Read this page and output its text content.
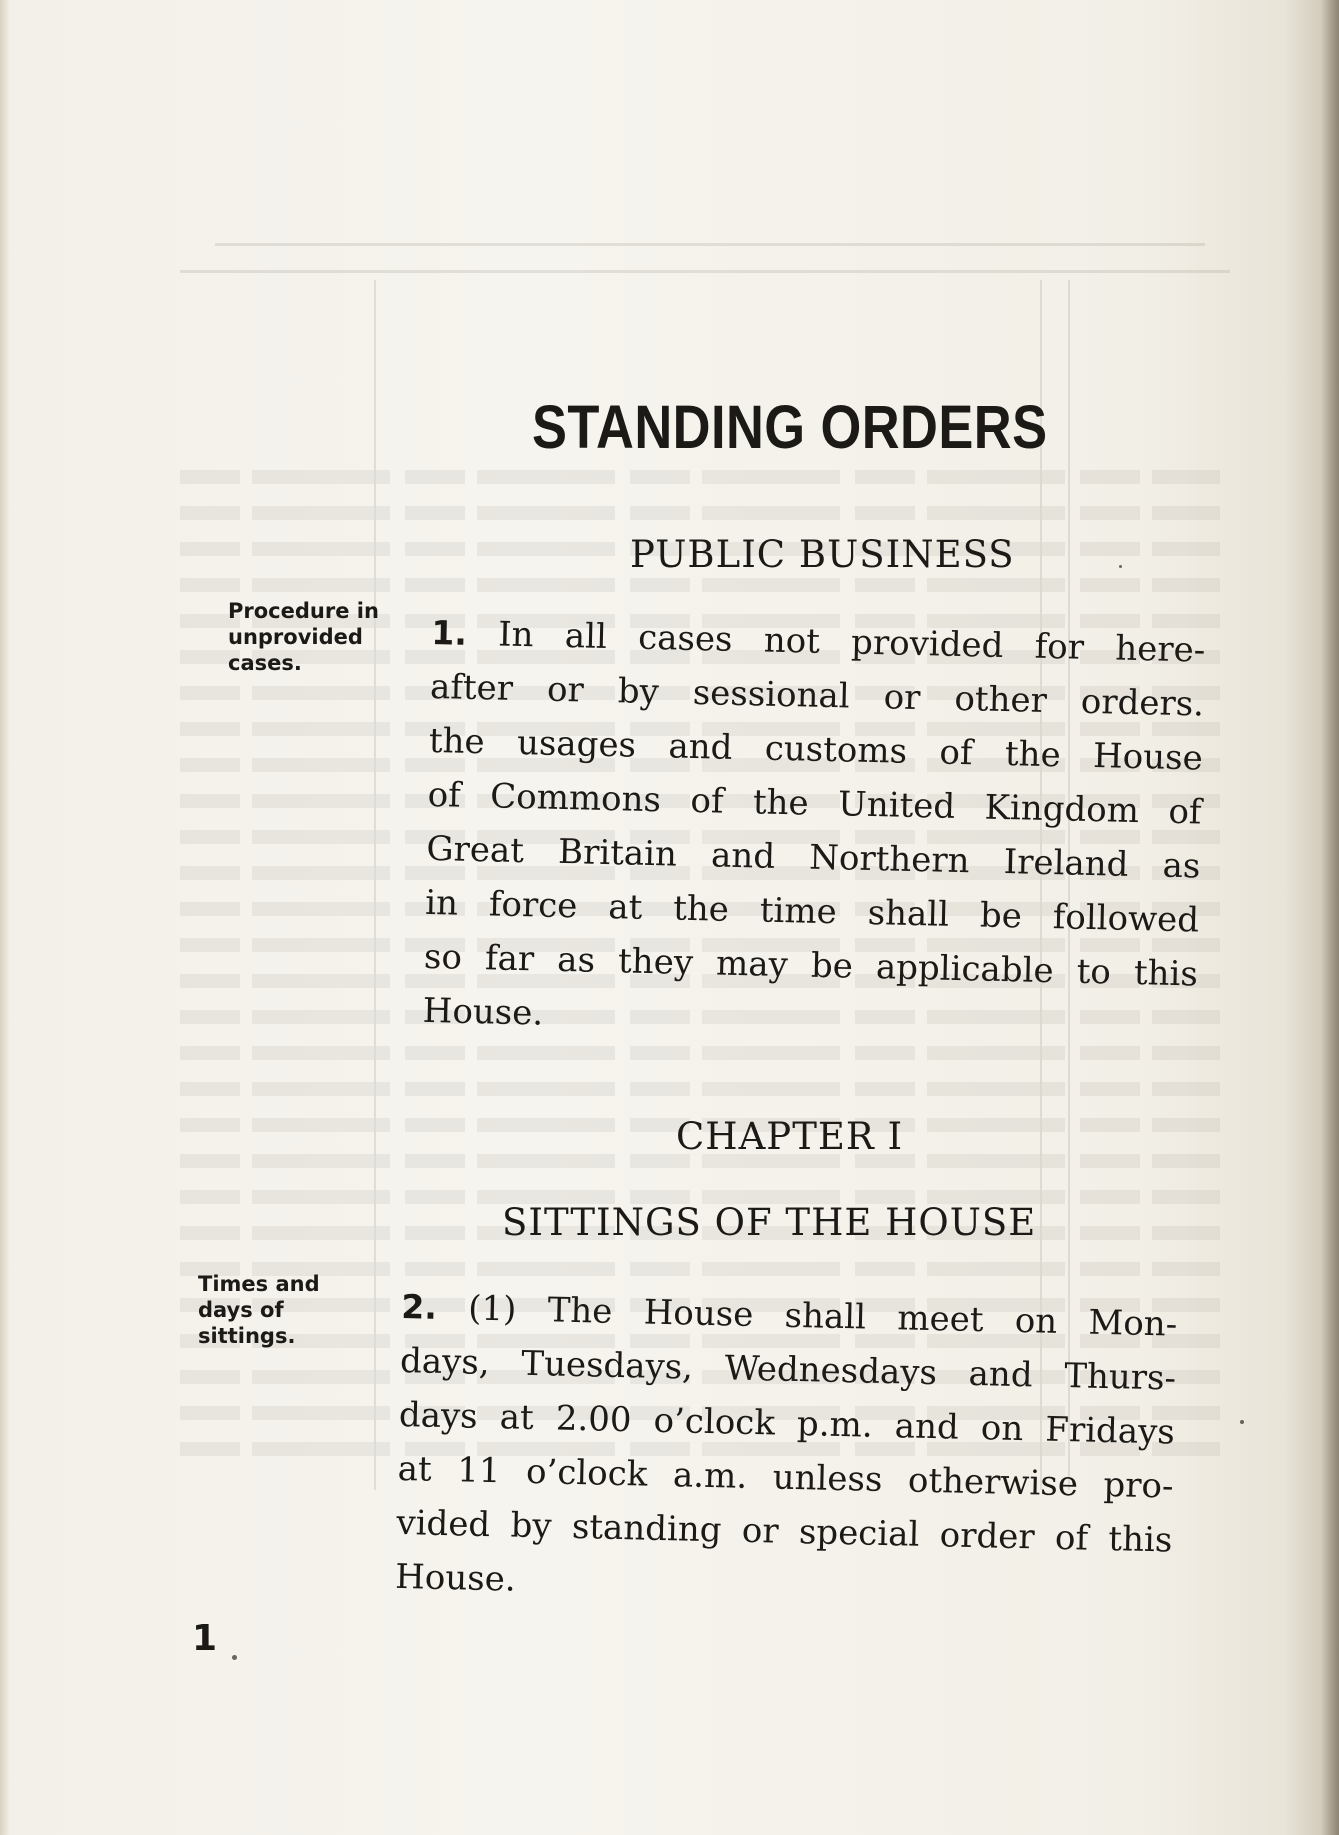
STANDING ORDERS
PUBLIC BUSINESS
Procedure in
unprovided
cases.
1. In all cases not provided for here-
after or by sessional or other orders.
the usages and customs of the House
of Commons of the United Kingdom of
Great Britain and Northern Ireland as
in force at the time shall be followed
so far as they may be applicable to this
House.
CHAPTER I
SITTINGS OF THE HOUSE
Times and
days of
sittings.
2. (1) The House shall meet on Mon-
days, Tuesdays, Wednesdays and Thurs-
days at 2.00 o’clock p.m. and on Fridays
at 11 o’clock a.m. unless otherwise pro-
vided by standing or special order of this
House.
1
